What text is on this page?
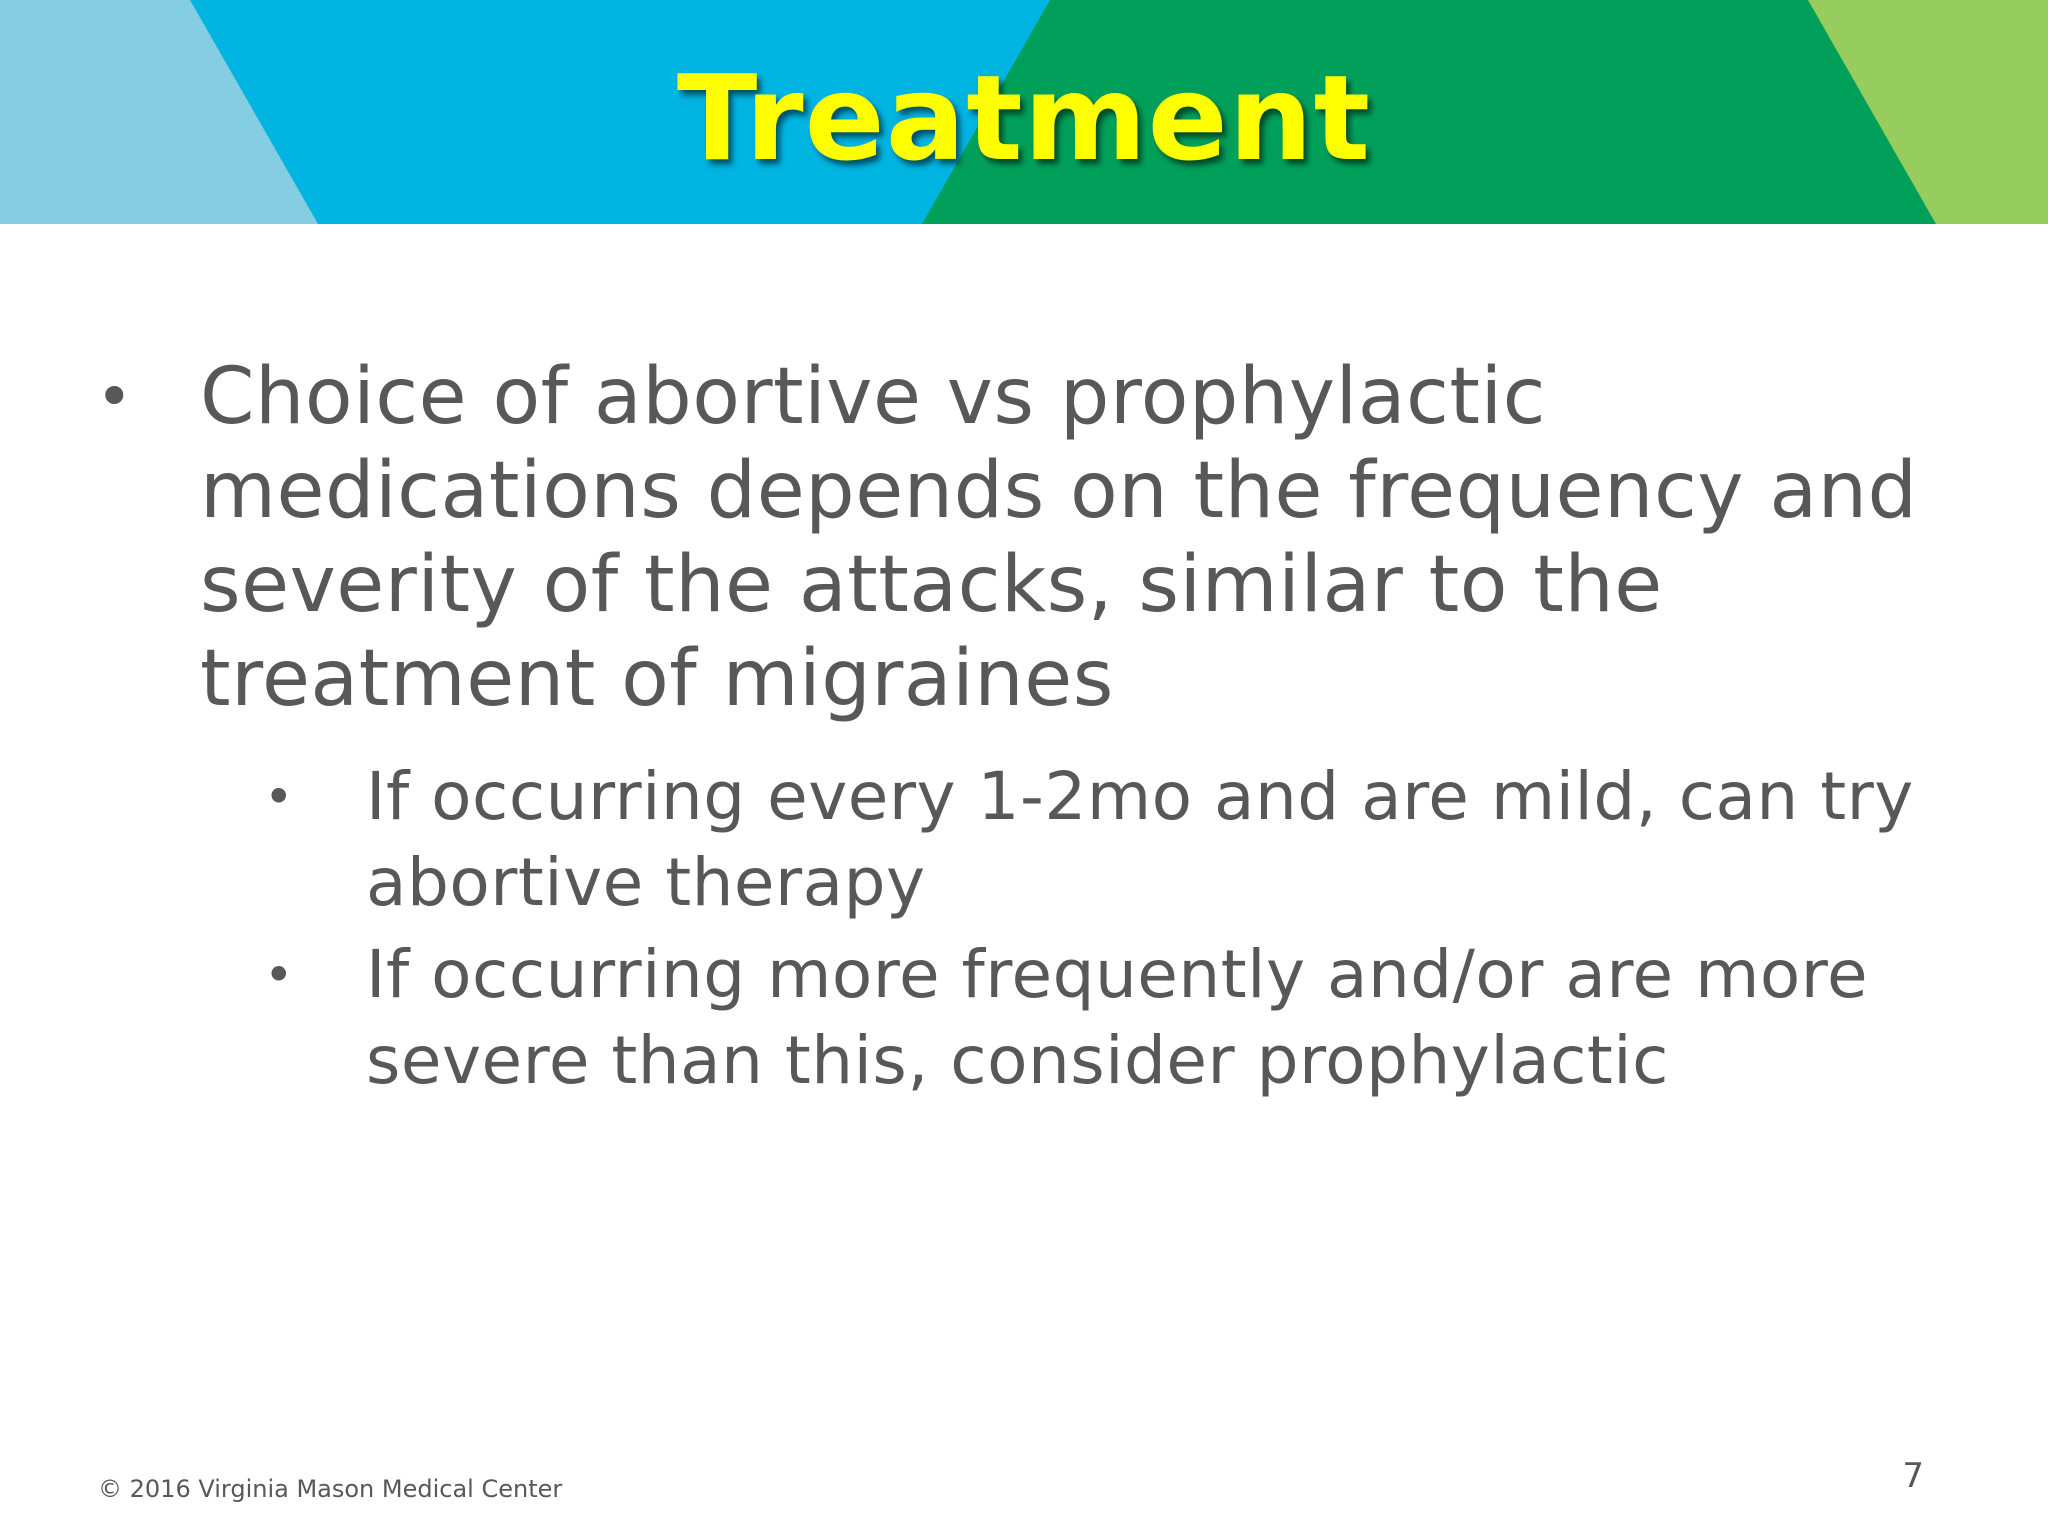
Treatment
• Choice of abortive vs prophylactic medications depends on the frequency and severity of the attacks, similar to the treatment of migraines
• If occurring every 1-2mo and are mild, can try abortive therapy
• If occurring more frequently and/or are more severe than this, consider prophylactic
© 2016 Virginia Mason Medical Center	7
